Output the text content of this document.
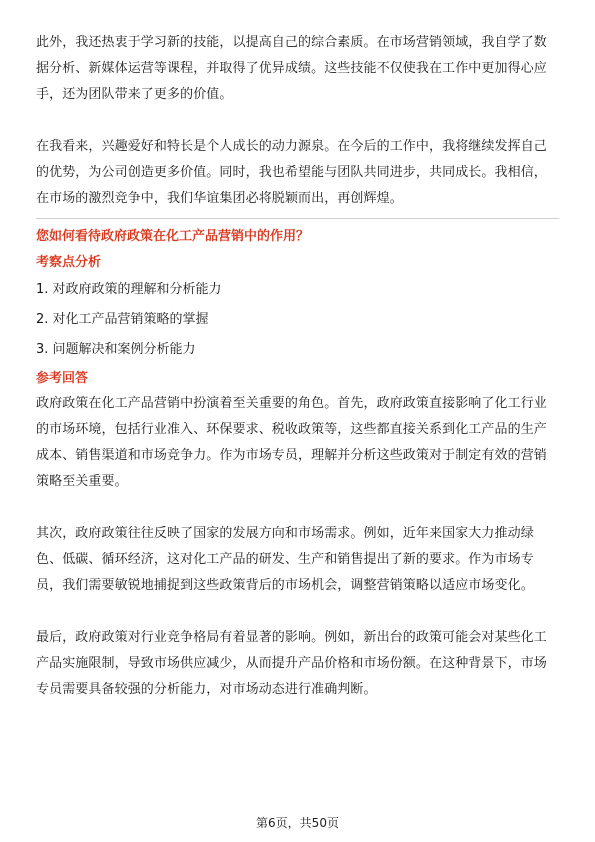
此外，我还热衷于学习新的技能，以提高自己的综合素质。在市场营销领域，我自学了数据分析、新媒体运营等课程，并取得了优异成绩。这些技能不仅使我在工作中更加得心应手，还为团队带来了更多的价值。

在我看来，兴趣爱好和特长是个人成长的动力源泉。在今后的工作中，我将继续发挥自己的优势，为公司创造更多价值。同时，我也希望能与团队共同进步，共同成长。我相信，在市场的激烈竞争中，我们华谊集团必将脱颖而出，再创辉煌。

您如何看待政府政策在化工产品营销中的作用？

考察点分析

1. 对政府政策的理解和分析能力
2. 对化工产品营销策略的掌握
3. 问题解决和案例分析能力

参考回答

政府政策在化工产品营销中扮演着至关重要的角色。首先，政府政策直接影响了化工行业的市场环境，包括行业准入、环保要求、税收政策等，这些都直接关系到化工产品的生产成本、销售渠道和市场竞争力。作为市场专员，理解并分析这些政策对于制定有效的营销策略至关重要。

其次，政府政策往往反映了国家的发展方向和市场需求。例如，近年来国家大力推动绿色、低碳、循环经济，这对化工产品的研发、生产和销售提出了新的要求。作为市场专员，我们需要敏锐地捕捉到这些政策背后的市场机会，调整营销策略以适应市场变化。

最后，政府政策对行业竞争格局有着显著的影响。例如，新出台的政策可能会对某些化工产品实施限制，导致市场供应减少，从而提升产品价格和市场份额。在这种背景下，市场专员需要具备较强的分析能力，对市场动态进行准确判断。

第6页，共50页
